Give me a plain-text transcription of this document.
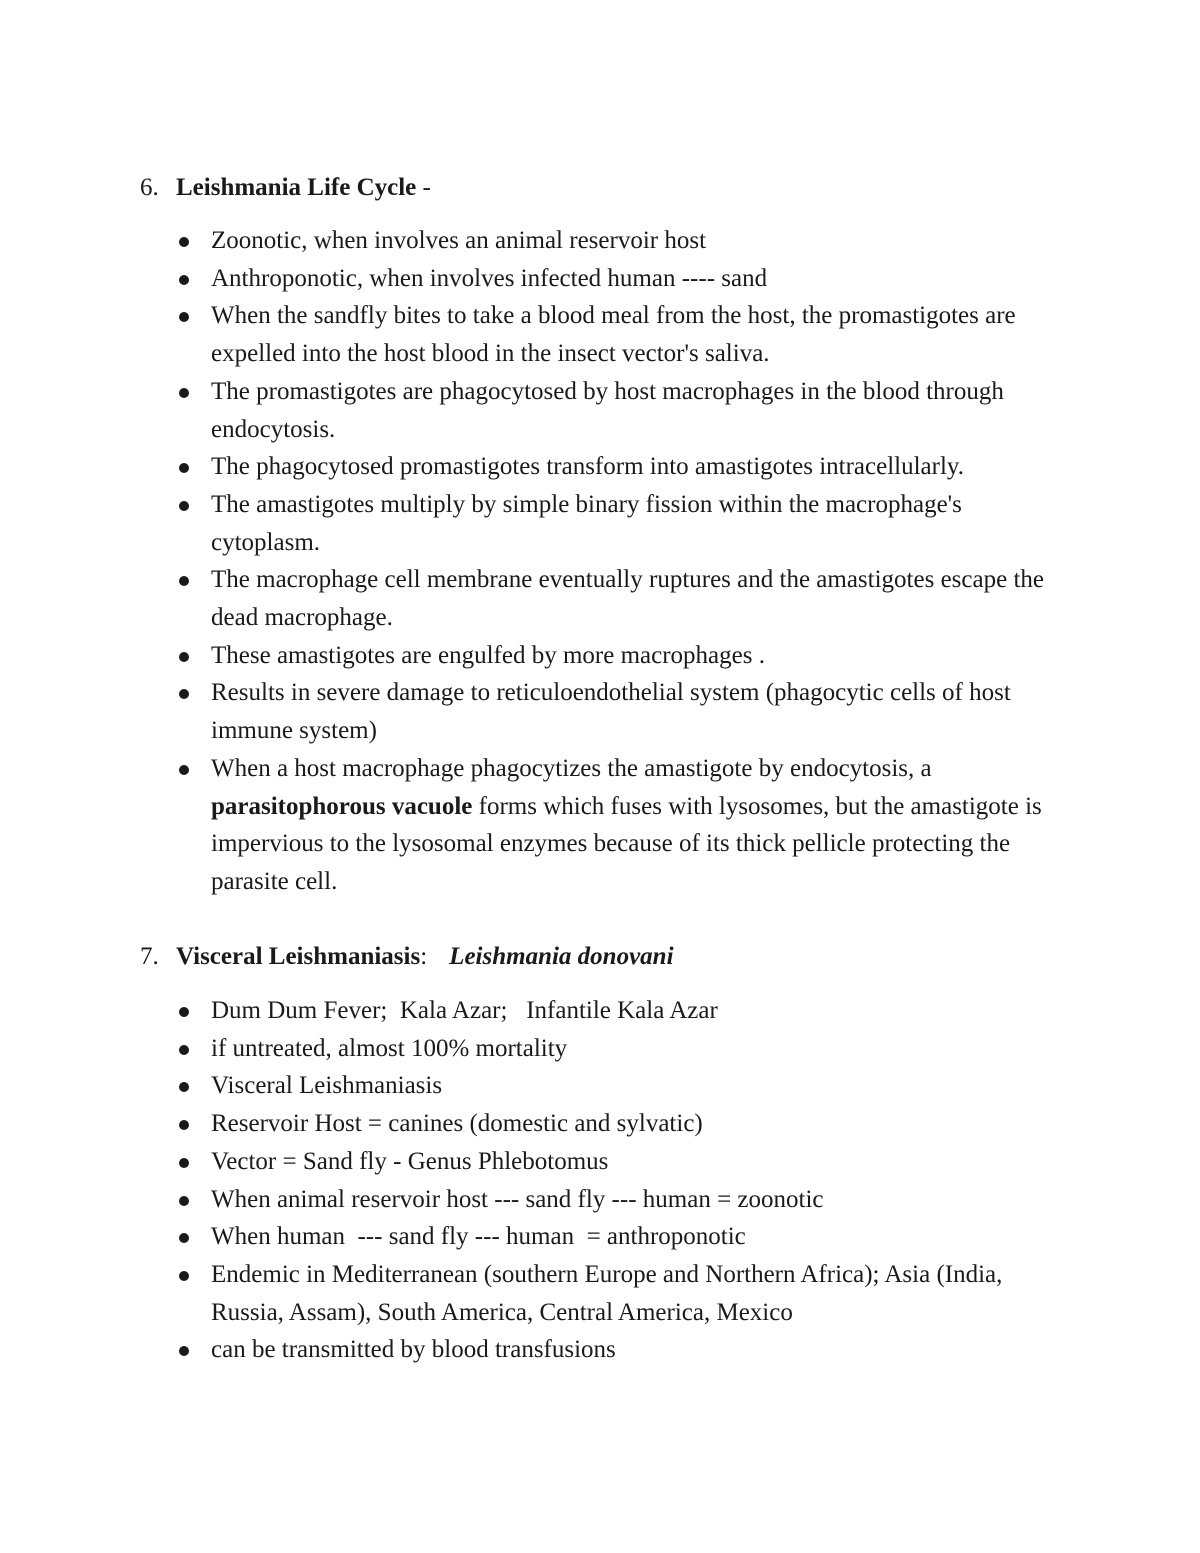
6. Leishmania Life Cycle -
Zoonotic, when involves an animal reservoir host
Anthroponotic, when involves infected human ---- sand
When the sandfly bites to take a blood meal from the host, the promastigotes are expelled into the host blood in the insect vector's saliva.
The promastigotes are phagocytosed by host macrophages in the blood through endocytosis.
The phagocytosed promastigotes transform into amastigotes intracellularly.
The amastigotes multiply by simple binary fission within the macrophage's cytoplasm.
The macrophage cell membrane eventually ruptures and the amastigotes escape the dead macrophage.
These amastigotes are engulfed by more macrophages .
Results in severe damage to reticuloendothelial system (phagocytic cells of host immune system)
When a host macrophage phagocytizes the amastigote by endocytosis, a parasitophorous vacuole forms which fuses with lysosomes, but the amastigote is impervious to the lysosomal enzymes because of its thick pellicle protecting the parasite cell.
7. Visceral Leishmaniasis: Leishmania donovani
Dum Dum Fever;  Kala Azar;   Infantile Kala Azar
if untreated, almost 100% mortality
Visceral Leishmaniasis
Reservoir Host = canines (domestic and sylvatic)
Vector = Sand fly - Genus Phlebotomus
When animal reservoir host --- sand fly --- human = zoonotic
When human  --- sand fly --- human  = anthroponotic
Endemic in Mediterranean (southern Europe and Northern Africa); Asia (India, Russia, Assam), South America, Central America, Mexico
can be transmitted by blood transfusions
